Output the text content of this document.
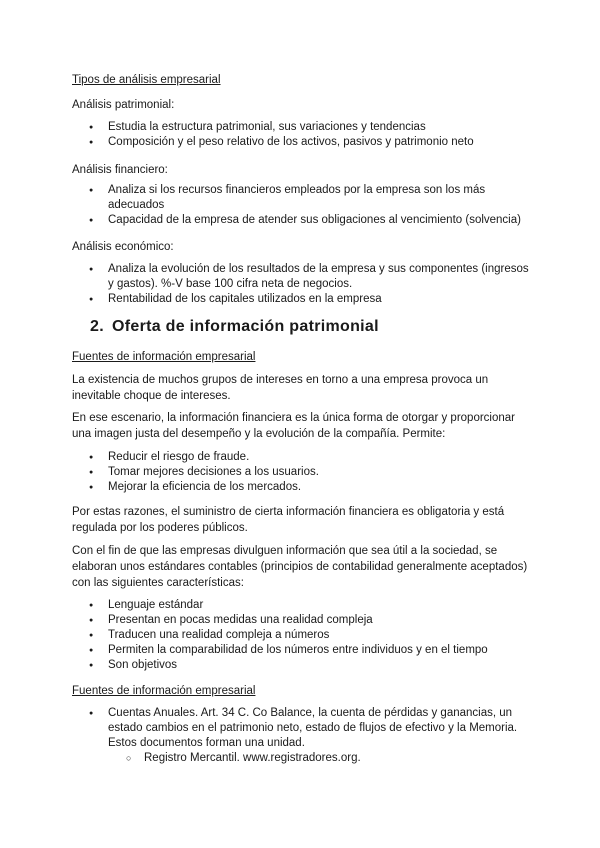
Tipos de análisis empresarial
Análisis patrimonial:
● Estudia la estructura patrimonial, sus variaciones y tendencias
● Composición y el peso relativo de los activos, pasivos y patrimonio neto
Análisis financiero:
● Analiza si los recursos financieros empleados por la empresa son los más adecuados
● Capacidad de la empresa de atender sus obligaciones al vencimiento (solvencia)
Análisis económico:
● Analiza la evolución de los resultados de la empresa y sus componentes (ingresos y gastos). %-V base 100 cifra neta de negocios.
● Rentabilidad de los capitales utilizados en la empresa
2. Oferta de información patrimonial
Fuentes de información empresarial
La existencia de muchos grupos de intereses en torno a una empresa provoca un inevitable choque de intereses.
En ese escenario, la información financiera es la única forma de otorgar y proporcionar una imagen justa del desempeño y la evolución de la compañía. Permite:
● Reducir el riesgo de fraude.
● Tomar mejores decisiones a los usuarios.
● Mejorar la eficiencia de los mercados.
Por estas razones, el suministro de cierta información financiera es obligatoria y está regulada por los poderes públicos.
Con el fin de que las empresas divulguen información que sea útil a la sociedad, se elaboran unos estándares contables (principios de contabilidad generalmente aceptados) con las siguientes características:
● Lenguaje estándar
● Presentan en pocas medidas una realidad compleja
● Traducen una realidad compleja a números
● Permiten la comparabilidad de los números entre individuos y en el tiempo
● Son objetivos
Fuentes de información empresarial
● Cuentas Anuales. Art. 34 C. Co Balance, la cuenta de pérdidas y ganancias, un estado cambios en el patrimonio neto, estado de flujos de efectivo y la Memoria. Estos documentos forman una unidad.
○ Registro Mercantil. www.registradores.org.
